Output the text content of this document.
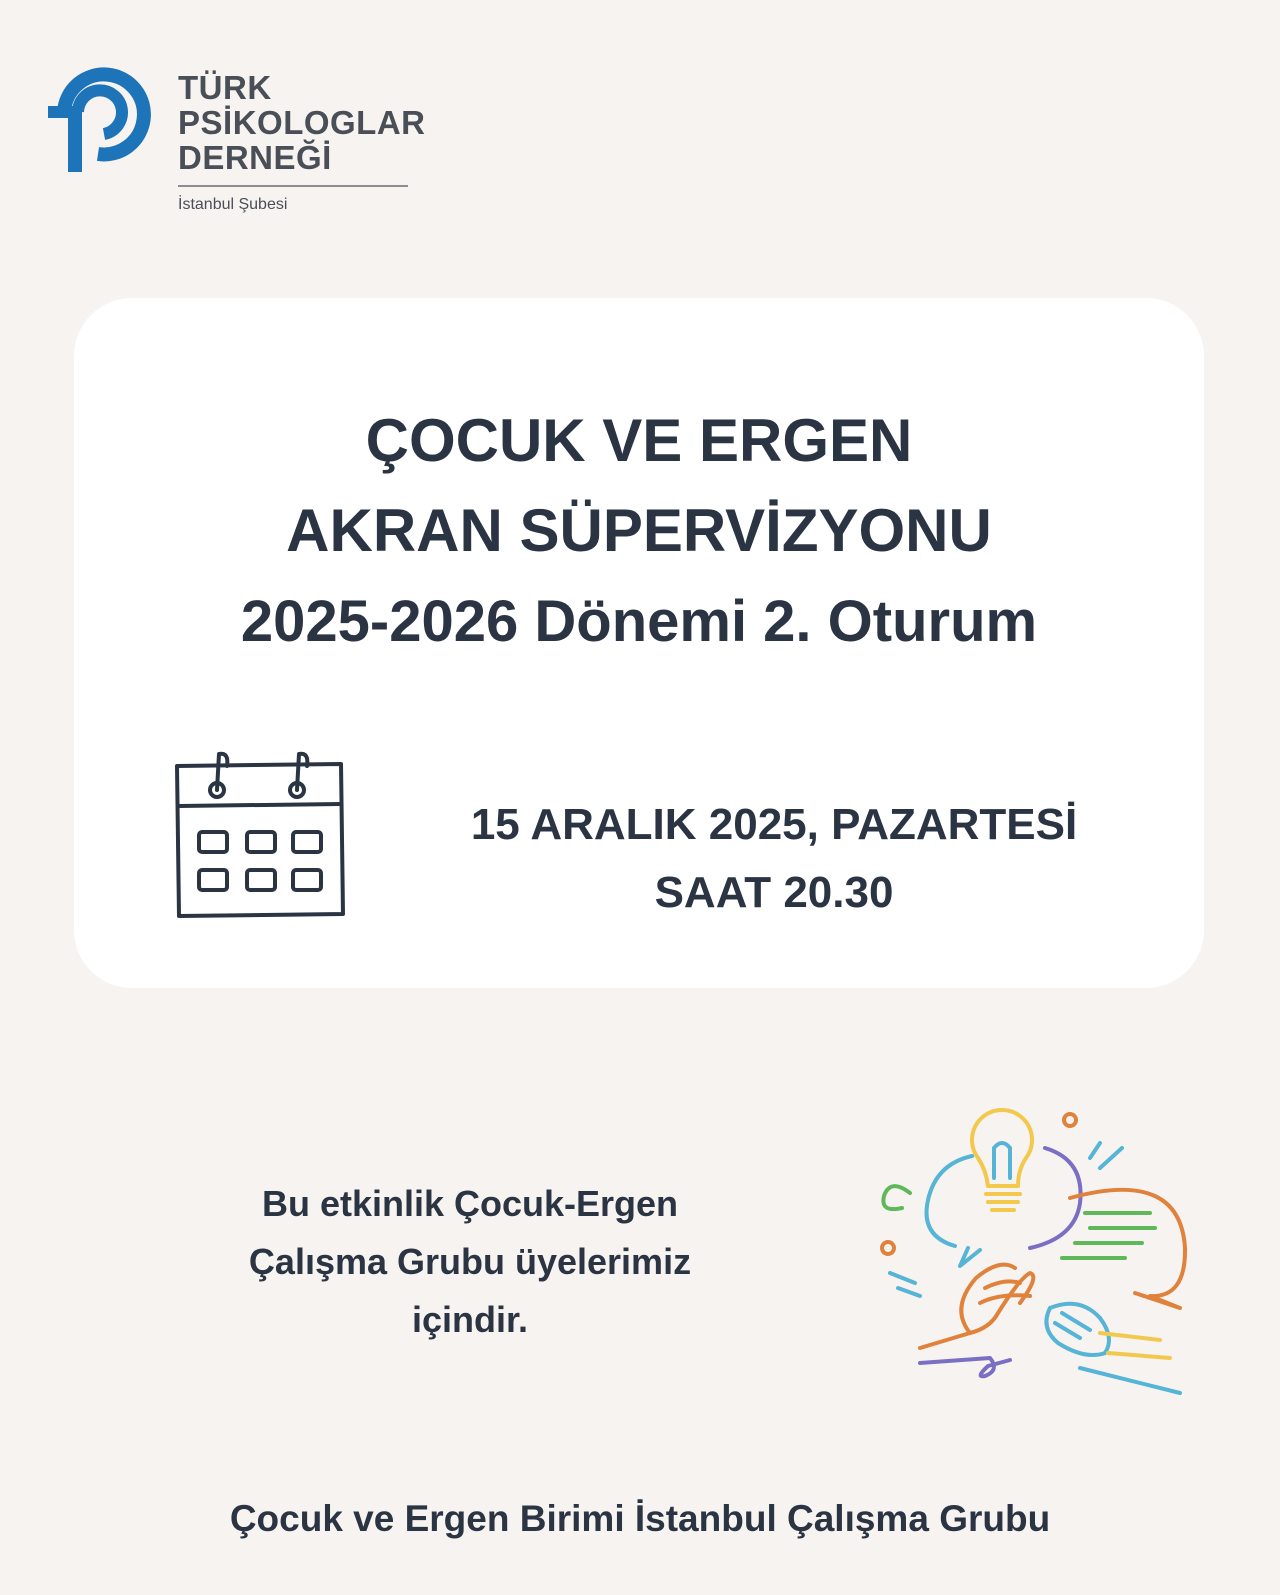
TÜRK
PSİKOLOGLAR
DERNEĞİ
İstanbul Şubesi
ÇOCUK VE ERGEN
AKRAN SÜPERVİZYONU
2025-2026 Dönemi 2. Oturum
15 ARALIK 2025, PAZARTESİ
SAAT 20.30
Bu etkinlik Çocuk-Ergen
Çalışma Grubu üyelerimiz
içindir.
Çocuk ve Ergen Birimi İstanbul Çalışma Grubu
